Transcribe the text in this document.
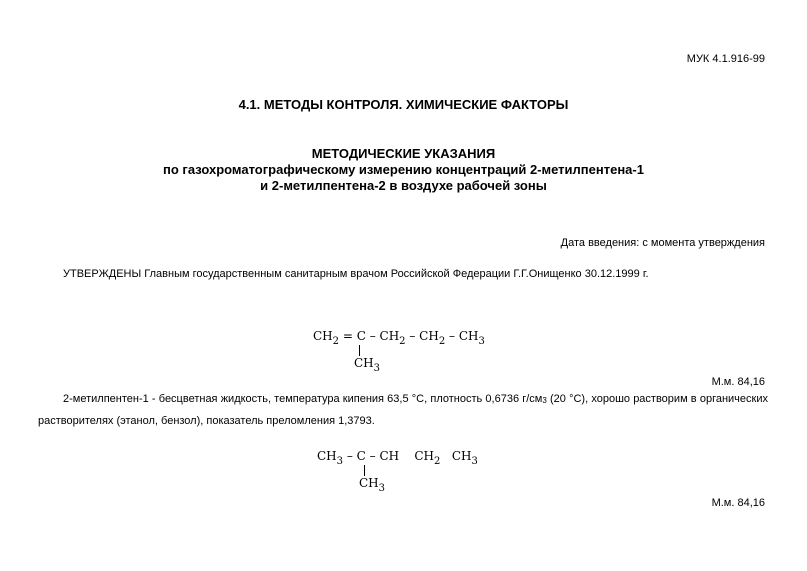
МУК 4.1.916-99
4.1. МЕТОДЫ КОНТРОЛЯ. ХИМИЧЕСКИЕ ФАКТОРЫ
МЕТОДИЧЕСКИЕ УКАЗАНИЯ
по газохроматографическому измерению концентраций 2-метилпентена-1
и 2-метилпентена-2 в воздухе рабочей зоны
Дата введения: с момента утверждения
УТВЕРЖДЕНЫ Главным государственным санитарным врачом Российской Федерации Г.Г.Онищенко 30.12.1999 г.
$CH_2 = C - CH_2 - CH_2 - CH_3$
$CH_3$
М.м. 84,16
2-метилпентен-1 - бесцветная жидкость, температура кипения 63,5 °С, плотность 0,6736 г/см3 (20 °С), хорошо растворим в органических растворителях (этанол, бензол), показатель преломления 1,3793.
$CH_3$ – C – CH    $CH_2$   $CH_3$
$CH_3$
М.м. 84,16
